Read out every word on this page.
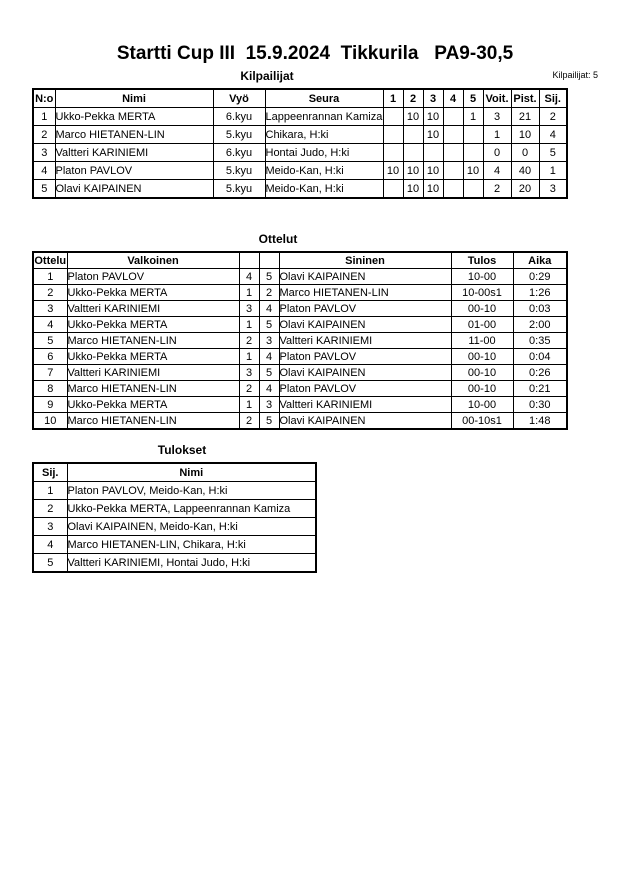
Startti Cup III  15.9.2024  Tikkurila   PA9-30,5
Kilpailijat	Kilpailijat: 5
N:o	Nimi	Vyö	Seura	1	2	3	4	5	Voit.	Pist.	Sij.
1	Ukko-Pekka MERTA	6.kyu	Lappeenrannan Kamiza		10	10		1	3	21	2
2	Marco HIETANEN-LIN	5.kyu	Chikara, H:ki			10			1	10	4
3	Valtteri KARINIEMI	6.kyu	Hontai Judo, H:ki						0	0	5
4	Platon PAVLOV	5.kyu	Meido-Kan, H:ki	10	10	10		10	4	40	1
5	Olavi KAIPAINEN	5.kyu	Meido-Kan, H:ki		10	10			2	20	3
Ottelut
Ottelu	Valkoinen			Sininen	Tulos	Aika
1	Platon PAVLOV	4	5	Olavi KAIPAINEN	10-00	0:29
2	Ukko-Pekka MERTA	1	2	Marco HIETANEN-LIN	10-00s1	1:26
3	Valtteri KARINIEMI	3	4	Platon PAVLOV	00-10	0:03
4	Ukko-Pekka MERTA	1	5	Olavi KAIPAINEN	01-00	2:00
5	Marco HIETANEN-LIN	2	3	Valtteri KARINIEMI	11-00	0:35
6	Ukko-Pekka MERTA	1	4	Platon PAVLOV	00-10	0:04
7	Valtteri KARINIEMI	3	5	Olavi KAIPAINEN	00-10	0:26
8	Marco HIETANEN-LIN	2	4	Platon PAVLOV	00-10	0:21
9	Ukko-Pekka MERTA	1	3	Valtteri KARINIEMI	10-00	0:30
10	Marco HIETANEN-LIN	2	5	Olavi KAIPAINEN	00-10s1	1:48
Tulokset
Sij.	Nimi
1	Platon PAVLOV, Meido-Kan, H:ki
2	Ukko-Pekka MERTA, Lappeenrannan Kamiza
3	Olavi KAIPAINEN, Meido-Kan, H:ki
4	Marco HIETANEN-LIN, Chikara, H:ki
5	Valtteri KARINIEMI, Hontai Judo, H:ki
